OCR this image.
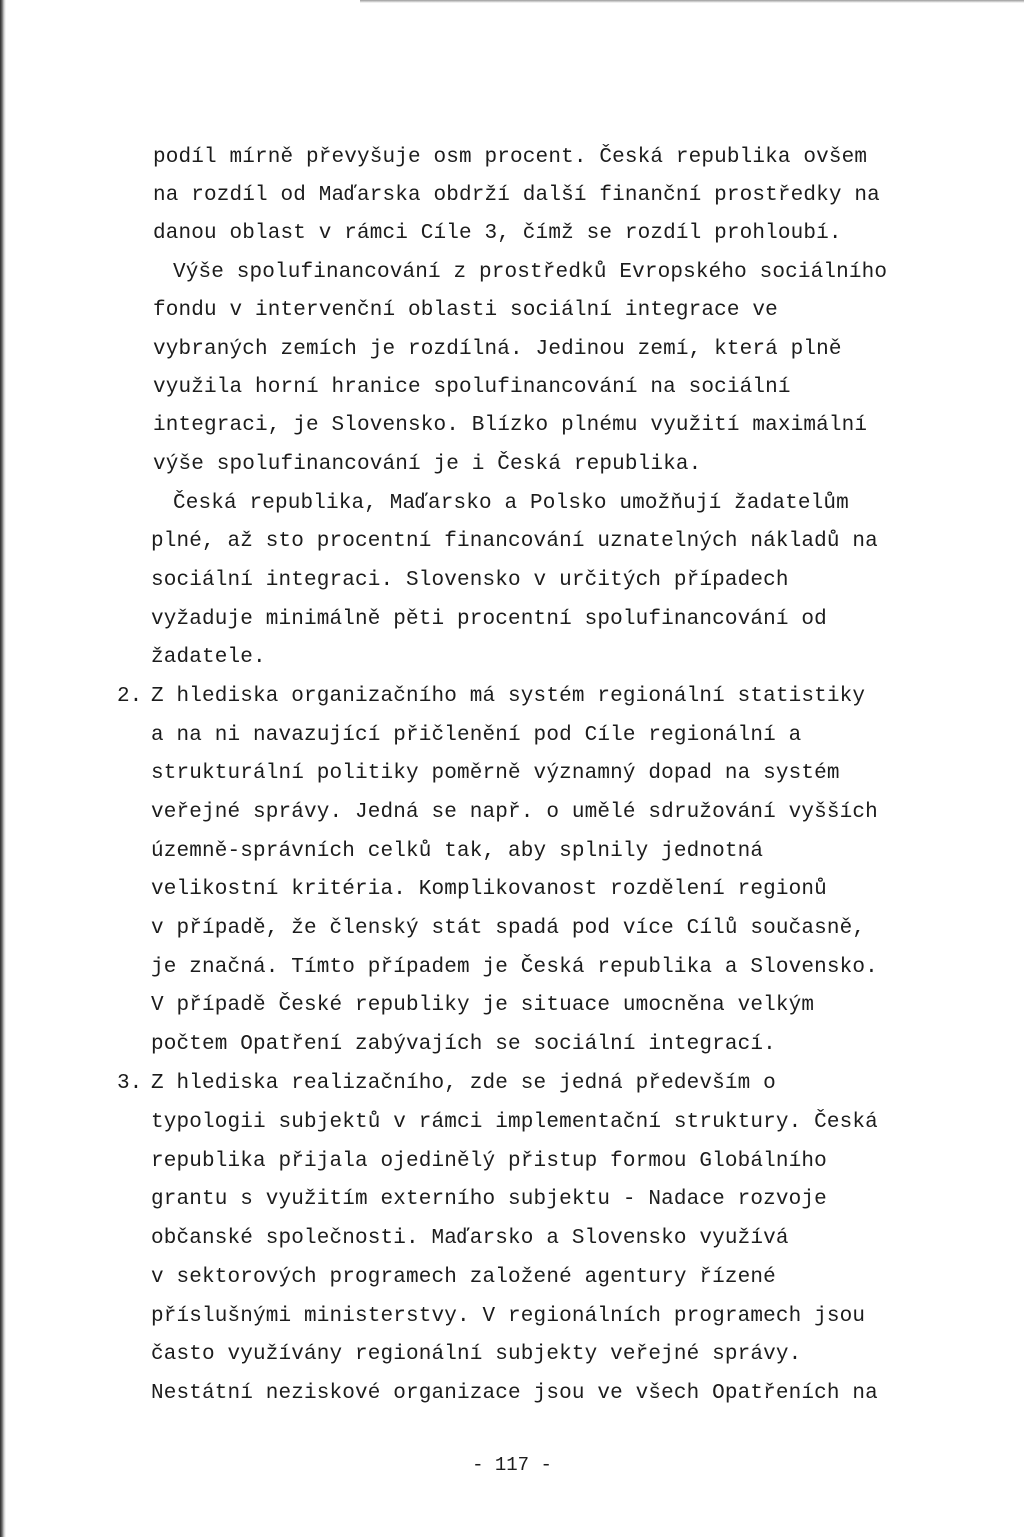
podíl mírně převyšuje osm procent. Česká republika ovšem

na rozdíl od Maďarska obdrží další finanční prostředky na

danou oblast v rámci Cíle 3, čímž se rozdíl prohloubí.

Výše spolufinancování z prostředků Evropského sociálního

fondu v intervenční oblasti sociální integrace ve

vybraných zemích je rozdílná. Jedinou zemí, která plně

využila horní hranice spolufinancování na sociální

integraci, je Slovensko. Blízko plnému využití maximální

výše spolufinancování je i Česká republika.

Česká republika, Maďarsko a Polsko umožňují žadatelům

plné, až sto procentní financování uznatelných nákladů na

sociální integraci. Slovensko v určitých případech

vyžaduje minimálně pěti procentní spolufinancování od

žadatele.

2. Z hlediska organizačního má systém regionální statistiky

a na ni navazující přičlenění pod Cíle regionální a

strukturální politiky poměrně významný dopad na systém

veřejné správy. Jedná se např. o umělé sdružování vyšších

územně-správních celků tak, aby splnily jednotná

velikostní kritéria. Komplikovanost rozdělení regionů

v případě, že členský stát spadá pod více Cílů současně,

je značná. Tímto případem je Česká republika a Slovensko.

V případě České republiky je situace umocněna velkým

počtem Opatření zabývajích se sociální integrací.

3. Z hlediska realizačního, zde se jedná především o

typologii subjektů v rámci implementační struktury. Česká

republika přijala ojedinělý přistup formou Globálního

grantu s využitím externího subjektu - Nadace rozvoje

občanské společnosti. Maďarsko a Slovensko využívá

v sektorových programech založené agentury řízené

příslušnými ministerstvy. V regionálních programech jsou

často využívány regionální subjekty veřejné správy.

Nestátní neziskové organizace jsou ve všech Opatřeních na

- 117 -
